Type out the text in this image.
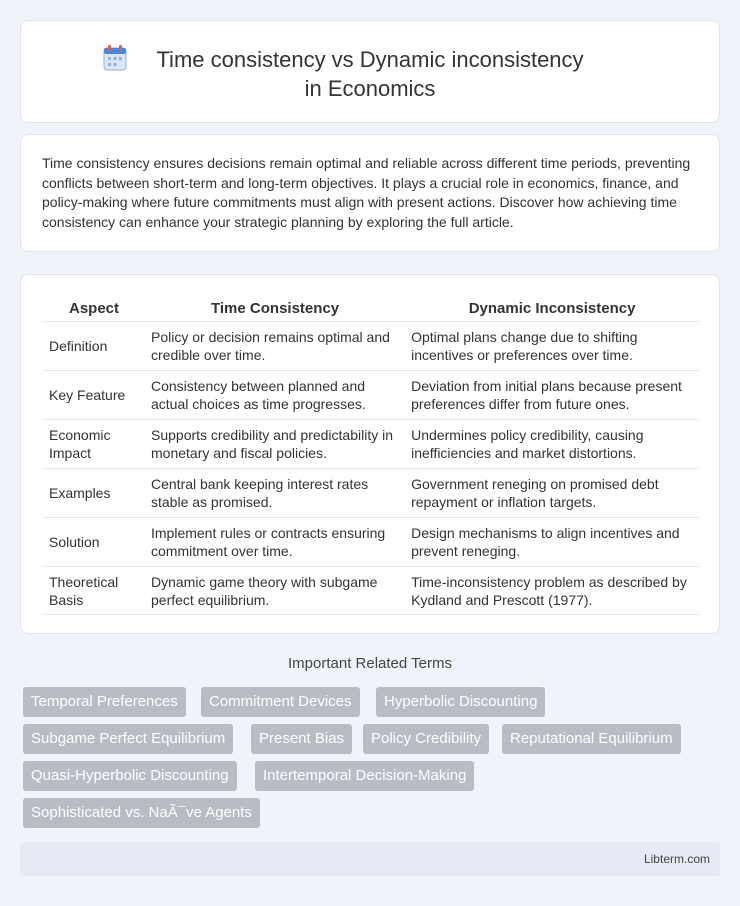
Time consistency vs Dynamic inconsistency in Economics

Time consistency ensures decisions remain optimal and reliable across different time periods, preventing conflicts between short-term and long-term objectives. It plays a crucial role in economics, finance, and policy-making where future commitments must align with present actions. Discover how achieving time consistency can enhance your strategic planning by exploring the full article.

Aspect	Time Consistency	Dynamic Inconsistency
Definition	Policy or decision remains optimal and credible over time.	Optimal plans change due to shifting incentives or preferences over time.
Key Feature	Consistency between planned and actual choices as time progresses.	Deviation from initial plans because present preferences differ from future ones.
Economic Impact	Supports credibility and predictability in monetary and fiscal policies.	Undermines policy credibility, causing inefficiencies and market distortions.
Examples	Central bank keeping interest rates stable as promised.	Government reneging on promised debt repayment or inflation targets.
Solution	Implement rules or contracts ensuring commitment over time.	Design mechanisms to align incentives and prevent reneging.
Theoretical Basis	Dynamic game theory with subgame perfect equilibrium.	Time-inconsistency problem as described by Kydland and Prescott (1977).
Important Related Terms
Temporal Preferences	Commitment Devices	Hyperbolic Discounting
Subgame Perfect Equilibrium	Present Bias	Policy Credibility	Reputational Equilibrium
Quasi-Hyperbolic Discounting	Intertemporal Decision-Making
Sophisticated vs. NaÃ¯ve Agents
Libterm.com
